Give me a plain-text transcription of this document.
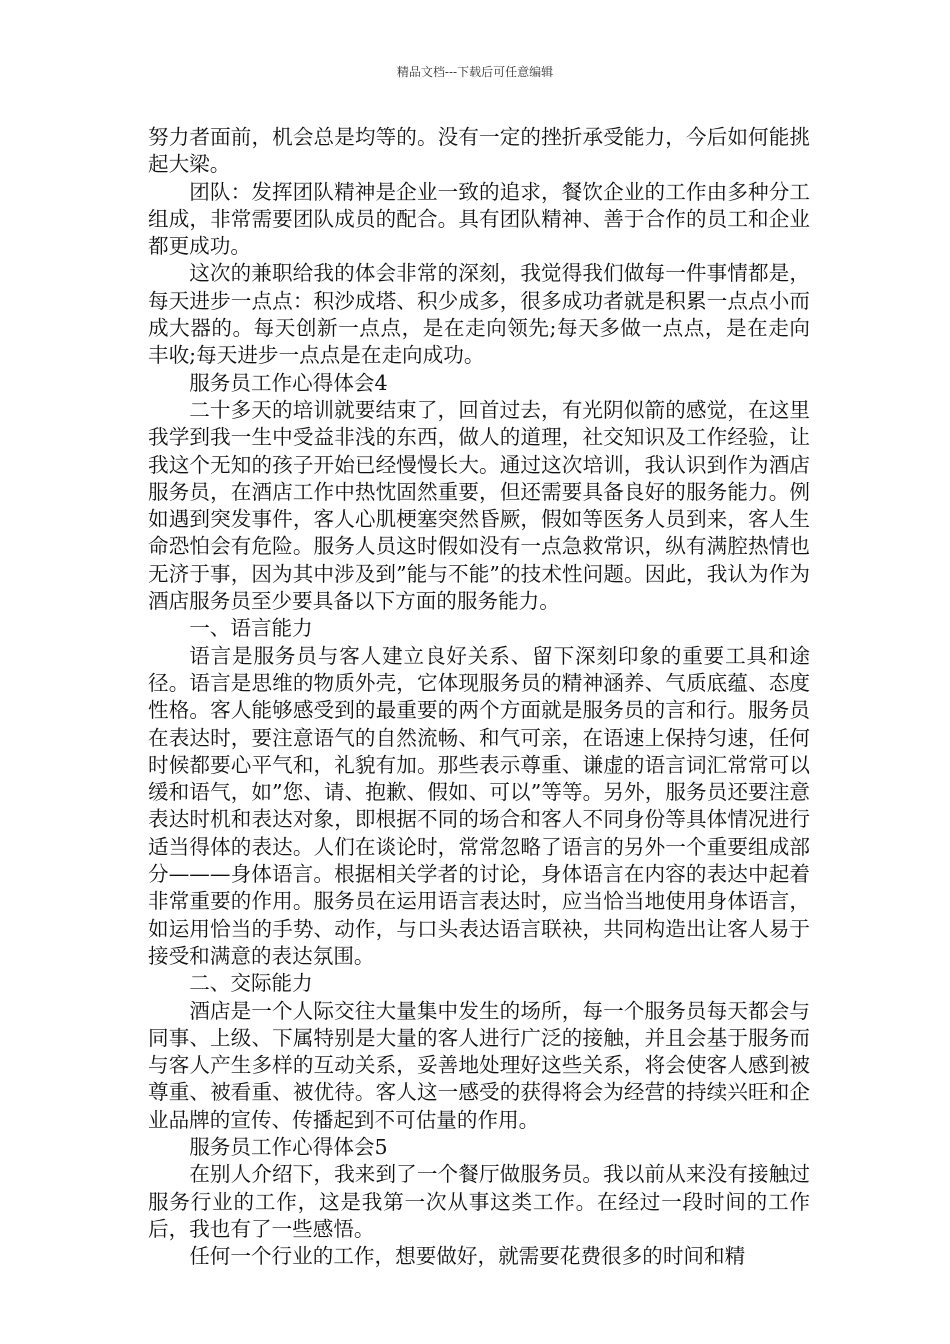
精品文档---下载后可任意编辑

努力者面前，机会总是均等的。没有一定的挫折承受能力，今后如何能挑起大梁。

团队：发挥团队精神是企业一致的追求，餐饮企业的工作由多种分工组成，非常需要团队成员的配合。具有团队精神、善于合作的员工和企业都更成功。

这次的兼职给我的体会非常的深刻，我觉得我们做每一件事情都是，每天进步一点点：积沙成塔、积少成多，很多成功者就是积累一点点小而成大器的。每天创新一点点，是在走向领先;每天多做一点点，是在走向丰收;每天进步一点点是在走向成功。

服务员工作心得体会4

二十多天的培训就要结束了，回首过去，有光阴似箭的感觉，在这里我学到我一生中受益非浅的东西，做人的道理，社交知识及工作经验，让我这个无知的孩子开始已经慢慢长大。通过这次培训，我认识到作为酒店服务员，在酒店工作中热忱固然重要，但还需要具备良好的服务能力。例如遇到突发事件，客人心肌梗塞突然昏厥，假如等医务人员到来，客人生命恐怕会有危险。服务人员这时假如没有一点急救常识，纵有满腔热情也无济于事，因为其中涉及到”能与不能”的技术性问题。因此，我认为作为酒店服务员至少要具备以下方面的服务能力。

一、语言能力

语言是服务员与客人建立良好关系、留下深刻印象的重要工具和途径。语言是思维的物质外壳，它体现服务员的精神涵养、气质底蕴、态度性格。客人能够感受到的最重要的两个方面就是服务员的言和行。服务员在表达时，要注意语气的自然流畅、和气可亲，在语速上保持匀速，任何时候都要心平气和，礼貌有加。那些表示尊重、谦虚的语言词汇常常可以缓和语气，如”您、请、抱歉、假如、可以”等等。另外，服务员还要注意表达时机和表达对象，即根据不同的场合和客人不同身份等具体情况进行适当得体的表达。人们在谈论时，常常忽略了语言的另外一个重要组成部分———身体语言。根据相关学者的讨论，身体语言在内容的表达中起着非常重要的作用。服务员在运用语言表达时，应当恰当地使用身体语言，如运用恰当的手势、动作，与口头表达语言联袂，共同构造出让客人易于接受和满意的表达氛围。

二、交际能力

酒店是一个人际交往大量集中发生的场所，每一个服务员每天都会与同事、上级、下属特别是大量的客人进行广泛的接触，并且会基于服务而与客人产生多样的互动关系，妥善地处理好这些关系，将会使客人感到被尊重、被看重、被优待。客人这一感受的获得将会为经营的持续兴旺和企业品牌的宣传、传播起到不可估量的作用。

服务员工作心得体会5

在别人介绍下，我来到了一个餐厅做服务员。我以前从来没有接触过服务行业的工作，这是我第一次从事这类工作。在经过一段时间的工作后，我也有了一些感悟。

任何一个行业的工作，想要做好，就需要花费很多的时间和精
